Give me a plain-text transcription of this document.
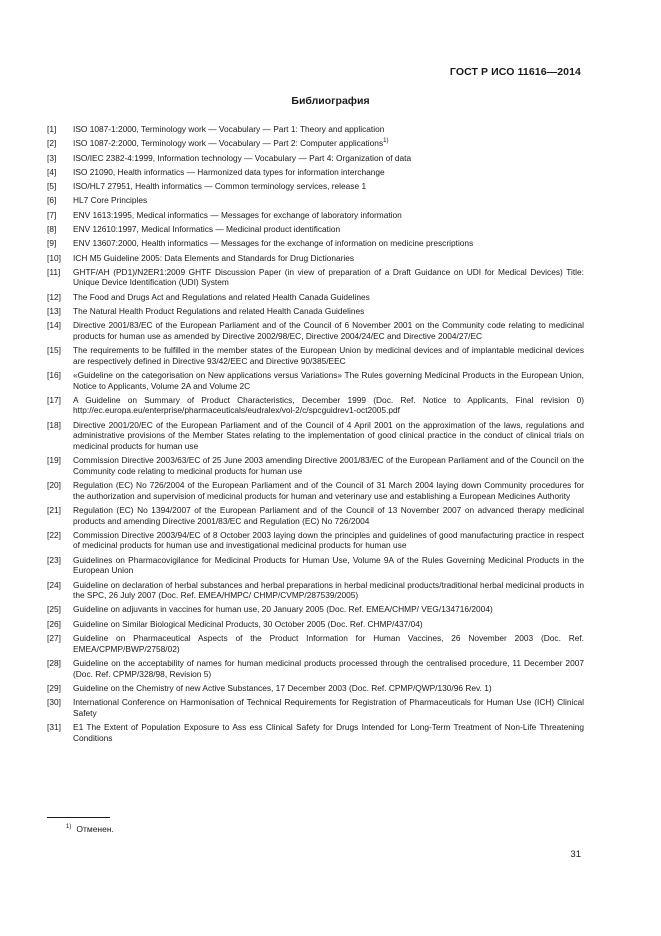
ГОСТ Р ИСО 11616—2014
Библиография
[1]	ISO 1087-1:2000, Terminology work — Vocabulary — Part 1: Theory and application
[2]	ISO 1087-2:2000, Terminology work — Vocabulary — Part 2: Computer applications$^{1)}$
[3]	ISO/IEC 2382-4:1999, Information technology — Vocabulary — Part 4: Organization of data
[4]	ISO 21090, Health informatics — Harmonized data types for information interchange
[5]	ISO/HL7 27951, Health informatics — Common terminology services, release 1
[6]	HL7 Core Principles
[7]	ENV 1613:1995, Medical informatics — Messages for exchange of laboratory information
[8]	ENV 12610:1997, Medical Informatics — Medicinal product identification
[9]	ENV 13607:2000, Health informatics — Messages for the exchange of information on medicine prescriptions
[10]	ICH M5 Guideline 2005: Data Elements and Standards for Drug Dictionaries
[11]	GHTF/AH (PD1)/N2ER1:2009 GHTF Discussion Paper (in view of preparation of a Draft Guidance on UDI for Medical Devices) Title: Unique Device Identification (UDI) System
[12]	The Food and Drugs Act and Regulations and related Health Canada Guidelines
[13]	The Natural Health Product Regulations and related Health Canada Guidelines
[14]	Directive 2001/83/EC of the European Parliament and of the Council of 6 November 2001 on the Community code relating to medicinal products for human use as amended by Directive 2002/98/EC, Directive 2004/24/EC and Directive 2004/27/EC
[15]	The requirements to be fulfilled in the member states of the European Union by medicinal devices and of implantable medicinal devices are respectively defined in Directive 93/42/EEC and Directive 90/385/EEC
[16]	«Guideline on the categorisation on New applications versus Variations» The Rules governing Medicinal Products in the European Union, Notice to Applicants, Volume 2A and Volume 2C
[17]	A Guideline on Summary of Product Characteristics, December 1999 (Doc. Ref. Notice to Applicants, Final revision 0) http://ec.europa.eu/enterprise/pharmaceuticals/eudralex/vol-2/c/spcguidrev1-oct2005.pdf
[18]	Directive 2001/20/EC of the European Parliament and of the Council of 4 April 2001 on the approximation of the laws, regulations and administrative provisions of the Member States relating to the implementation of good clinical practice in the conduct of clinical trials on medicinal products for human use
[19]	Commission Directive 2003/63/EC of 25 June 2003 amending Directive 2001/83/EC of the European Parliament and of the Council on the Community code relating to medicinal products for human use
[20]	Regulation (EC) No 726/2004 of the European Parliament and of the Council of 31 March 2004 laying down Community procedures for the authorization and supervision of medicinal products for human and veterinary use and establishing a European Medicines Authority
[21]	Regulation (EC) No 1394/2007 of the European Parliament and of the Council of 13 November 2007 on advanced therapy medicinal products and amending Directive 2001/83/EC and Regulation (EC) No 726/2004
[22]	Commission Directive 2003/94/EC of 8 October 2003 laying down the principles and guidelines of good manufacturing practice in respect of medicinal products for human use and investigational medicinal products for human use
[23]	Guidelines on Pharmacovigilance for Medicinal Products for Human Use, Volume 9A of the Rules Governing Medicinal Products in the European Union
[24]	Guideline on declaration of herbal substances and herbal preparations in herbal medicinal products/traditional herbal medicinal products in the SPC, 26 July 2007 (Doc. Ref. EMEA/HMPC/ CHMP/CVMP/287539/2005)
[25]	Guideline on adjuvants in vaccines for human use, 20 January 2005 (Doc. Ref. EMEA/CHMP/ VEG/134716/2004)
[26]	Guideline on Similar Biological Medicinal Products, 30 October 2005 (Doc. Ref. CHMP/437/04)
[27]	Guideline on Pharmaceutical Aspects of the Product Information for Human Vaccines, 26 November 2003 (Doc. Ref. EMEA/CPMP/BWP/2758/02)
[28]	Guideline on the acceptability of names for human medicinal products processed through the centralised procedure, 11 December 2007 (Doc. Ref. CPMP/328/98, Revision 5)
[29]	Guideline on the Chemistry of new Active Substances, 17 December 2003 (Doc. Ref. CPMP/QWP/130/96 Rev. 1)
[30]	International Conference on Harmonisation of Technical Requirements for Registration of Pharmaceuticals for Human Use (ICH) Clinical Safety
[31]	E1 The Extent of Population Exposure to Ass ess Clinical Safety for Drugs Intended for Long-Term Treatment of Non-Life Threatening Conditions
$^{1)}$ Отменен.
31
